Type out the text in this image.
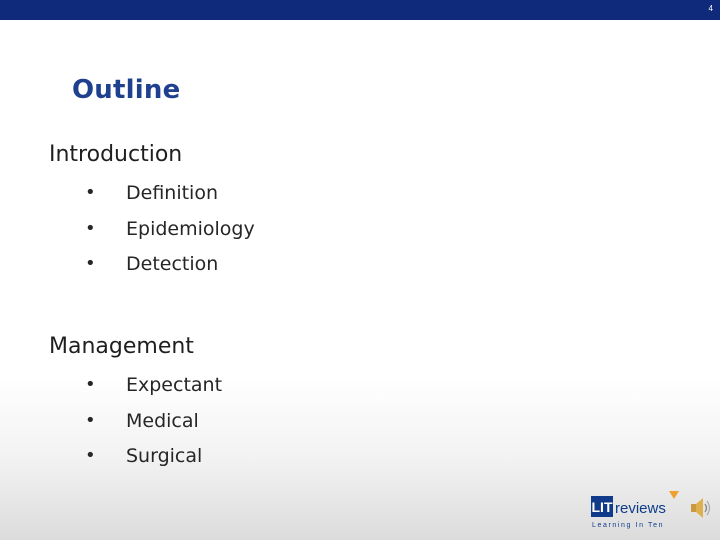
4
Outline
Introduction
• Definition
• Epidemiology
• Detection
Management
• Expectant
• Medical
• Surgical
LIT reviews
Learning In Ten
